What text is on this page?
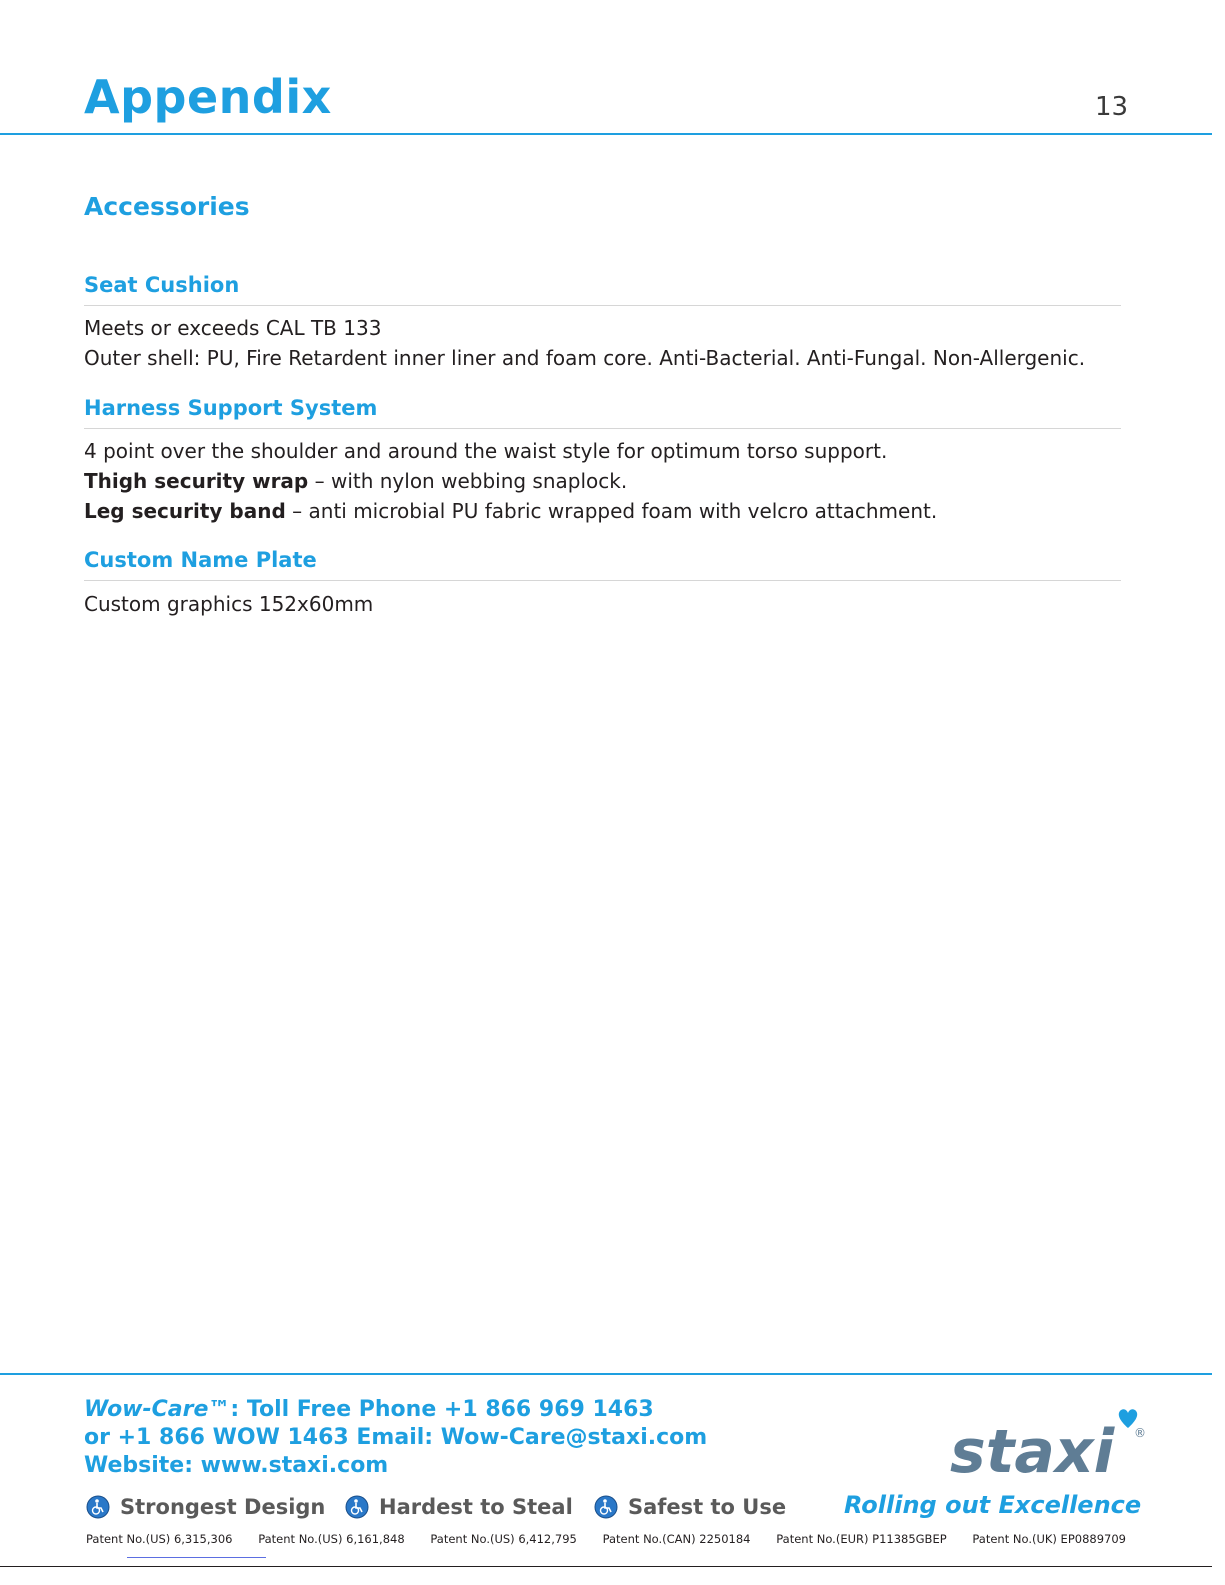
Appendix	13
Accessories
Seat Cushion
Meets or exceeds CAL TB 133
Outer shell: PU, Fire Retardent inner liner and foam core. Anti-Bacterial. Anti-Fungal. Non-Allergenic.
Harness Support System
4 point over the shoulder and around the waist style for optimum torso support.
Thigh security wrap – with nylon webbing snaplock.
Leg security band – anti microbial PU fabric wrapped foam with velcro attachment.
Custom Name Plate
Custom graphics 152x60mm
Wow-Care™: Toll Free Phone +1 866 969 1463
or +1 866 WOW 1463 Email: Wow-Care@staxi.com
Website: www.staxi.com	staxi ®
Strongest Design	Hardest to Steal	Safest to Use Rolling out Excellence
Patent No.(US) 6,315,306 Patent No.(US) 6,161,848 Patent No.(US) 6,412,795 Patent No.(CAN) 2250184 Patent No.(EUR) P11385GBEP Patent No.(UK) EP0889709
